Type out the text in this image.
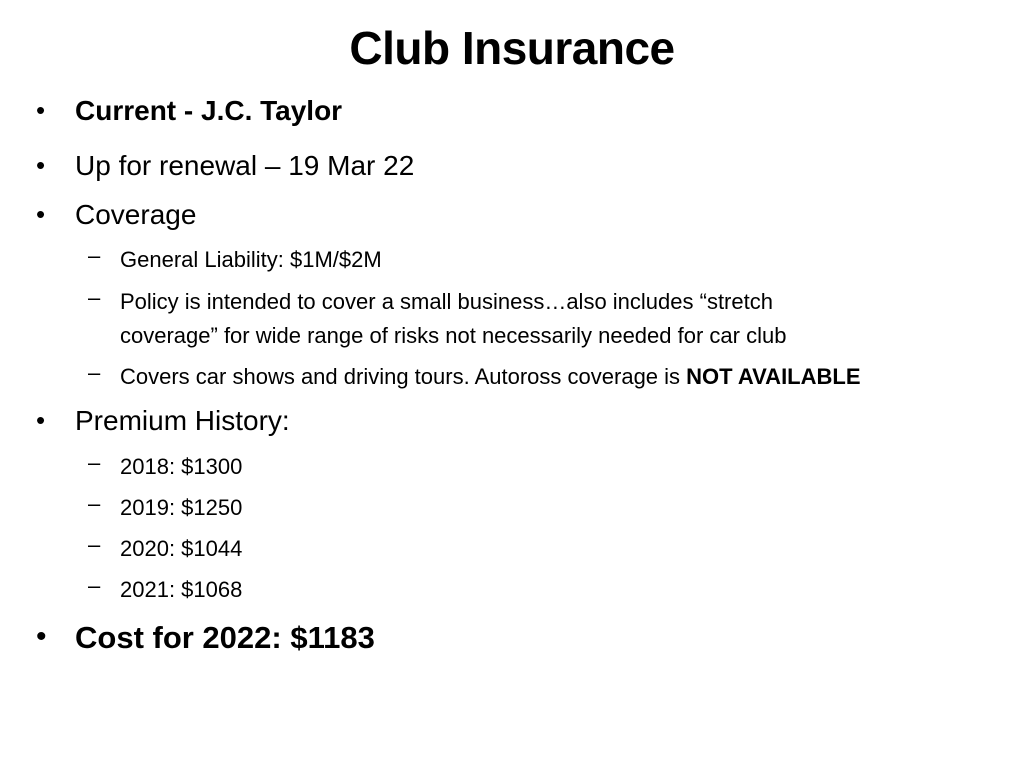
Club Insurance
• Current - J.C. Taylor
• Up for renewal – 19 Mar 22
• Coverage
– General Liability: $1M/$2M
– Policy is intended to cover a small business…also includes “stretch
coverage” for wide range of risks not necessarily needed for car club
– Covers car shows and driving tours. Autoross coverage is NOT AVAILABLE
• Premium History:
– 2018: $1300
– 2019: $1250
– 2020: $1044
– 2021: $1068
• Cost for 2022: $1183
